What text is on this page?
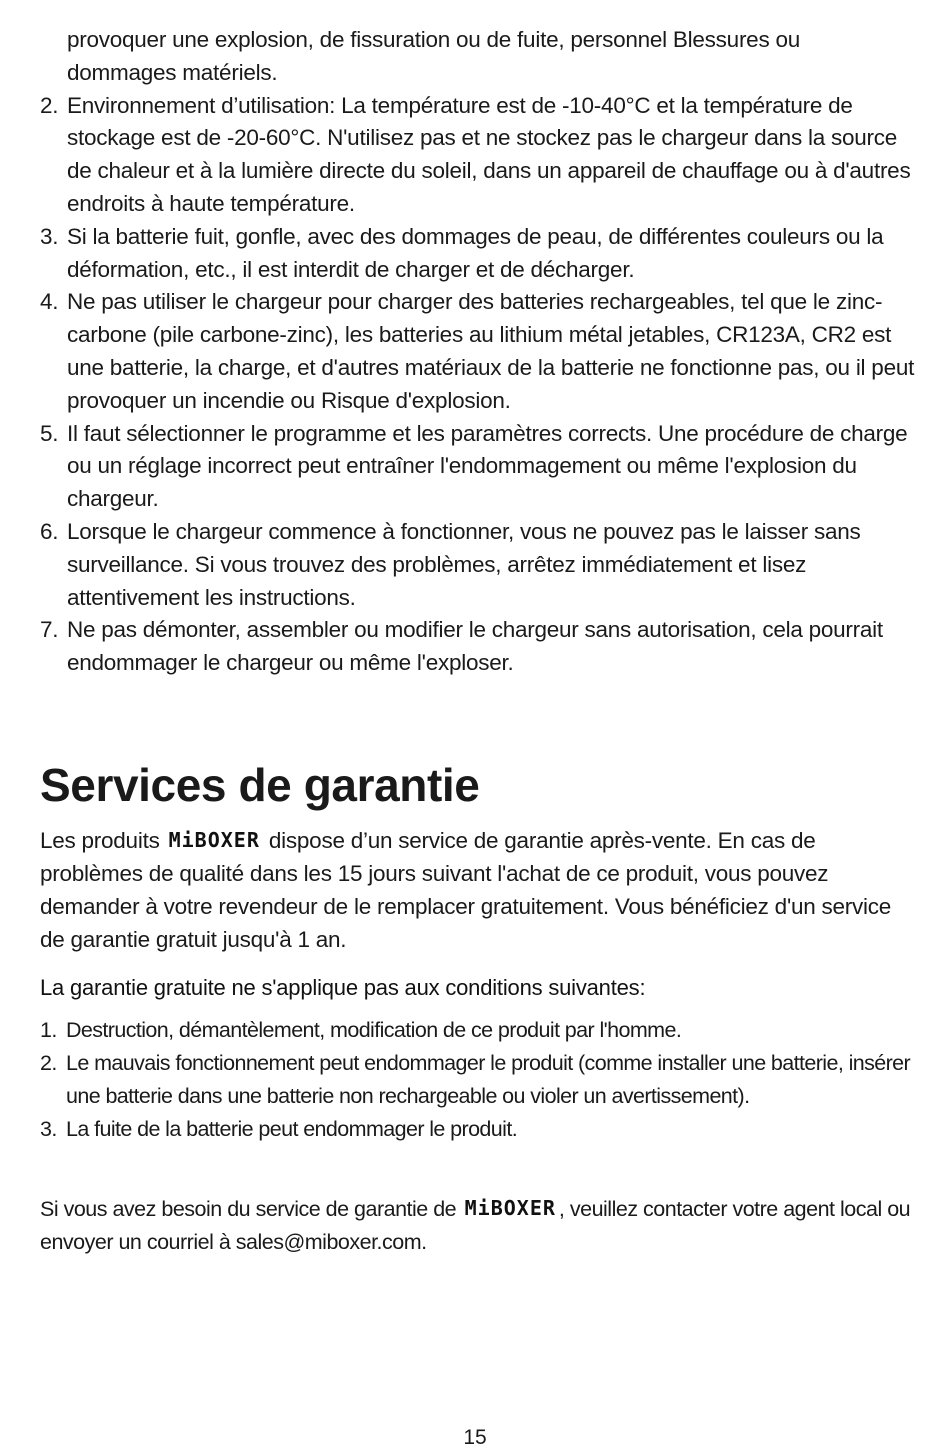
provoquer une explosion, de fissuration ou de fuite, personnel Blessures ou dommages matériels.
2. Environnement d’utilisation: La température est de -10-40°C et la température de stockage est de -20-60°C. N'utilisez pas et ne stockez pas le chargeur dans la source de chaleur et à la lumière directe du soleil, dans un appareil de chauffage ou à d'autres endroits à haute température.
3. Si la batterie fuit, gonfle, avec des dommages de peau, de différentes couleurs ou la déformation, etc., il est interdit de charger et de décharger.
4. Ne pas utiliser le chargeur pour charger des batteries rechargeables, tel que le zinc-carbone (pile carbone-zinc), les batteries au lithium métal jetables, CR123A, CR2 est une batterie, la charge, et d'autres matériaux de la batterie ne fonctionne pas, ou il peut provoquer un incendie ou Risque d'explosion.
5. Il faut sélectionner le programme et les paramètres corrects. Une procédure de charge ou un réglage incorrect peut entraîner l'endommagement ou même l'explosion du chargeur.
6. Lorsque le chargeur commence à fonctionner, vous ne pouvez pas le laisser sans surveillance. Si vous trouvez des problèmes, arrêtez immédiatement et lisez attentivement les instructions.
7. Ne pas démonter, assembler ou modifier le chargeur sans autorisation, cela pourrait endommager le chargeur ou même l'exploser.
Services de garantie

Les produits MiBOXER dispose d’un service de garantie après-vente. En cas de problèmes de qualité dans les 15 jours suivant l'achat de ce produit, vous pouvez demander à votre revendeur de le remplacer gratuitement. Vous bénéficiez d'un service de garantie gratuit jusqu'à 1 an.

La garantie gratuite ne s'applique pas aux conditions suivantes:

1. Destruction, démantèlement, modification de ce produit par l'homme.
2. Le mauvais fonctionnement peut endommager le produit (comme installer une batterie, insérer une batterie dans une batterie non rechargeable ou violer un avertissement).
3. La fuite de la batterie peut endommager le produit.

Si vous avez besoin du service de garantie de MiBOXER , veuillez contacter votre agent local ou envoyer un courriel à sales@miboxer.com.

15
